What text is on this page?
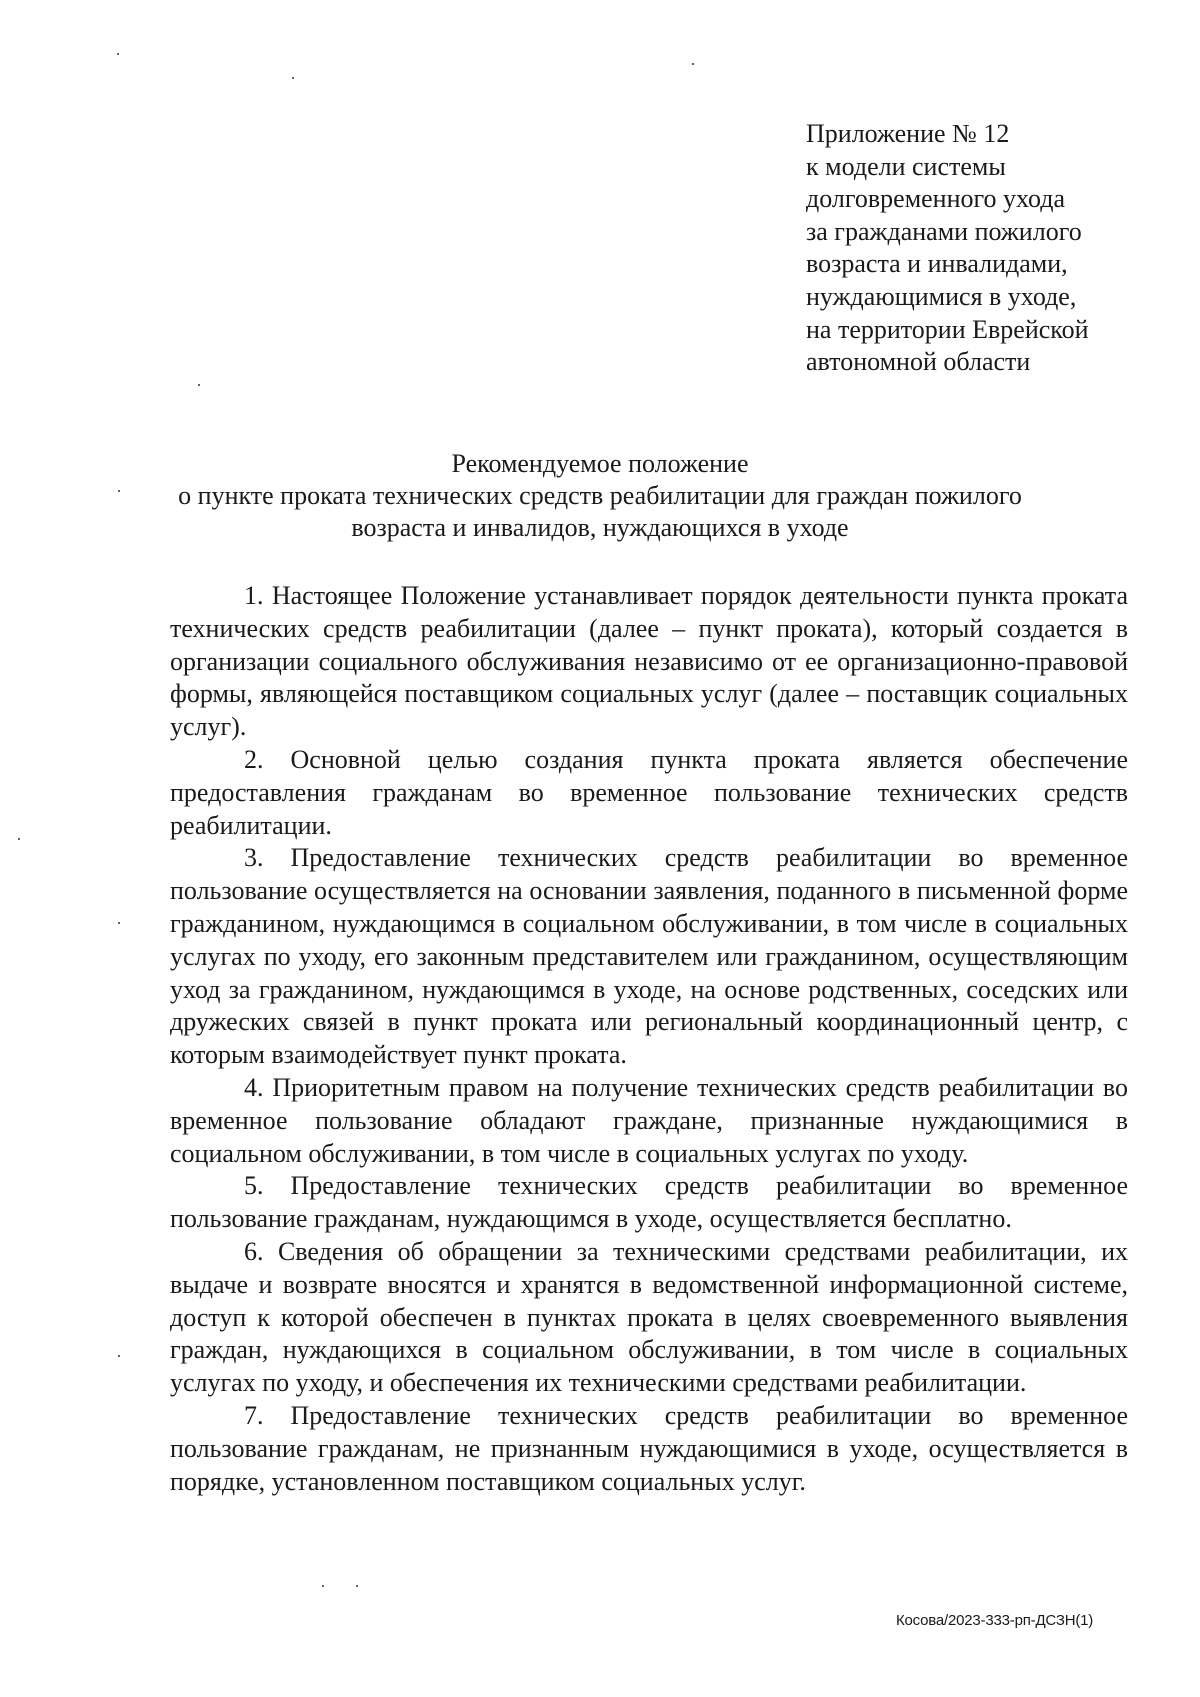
Приложение № 12
к модели системы
долговременного ухода
за гражданами пожилого
возраста и инвалидами,
нуждающимися в уходе,
на территории Еврейской
автономной области
Рекомендуемое положение
о пункте проката технических средств реабилитации для граждан пожилого
возраста и инвалидов, нуждающихся в уходе

1. Настоящее Положение устанавливает порядок деятельности пункта проката технических средств реабилитации (далее – пункт проката), который создается в организации социального обслуживания независимо от ее организационно-правовой формы, являющейся поставщиком социальных услуг (далее – поставщик социальных услуг).

2. Основной целью создания пункта проката является обеспечение предоставления гражданам во временное пользование технических средств реабилитации.

3. Предоставление технических средств реабилитации во временное пользование осуществляется на основании заявления, поданного в письменной форме гражданином, нуждающимся в социальном обслуживании, в том числе в социальных услугах по уходу, его законным представителем или гражданином, осуществляющим уход за гражданином, нуждающимся в уходе, на основе родственных, соседских или дружеских связей в пункт проката или региональный координационный центр, с которым взаимодействует пункт проката.

4. Приоритетным правом на получение технических средств реабилитации во временное пользование обладают граждане, признанные нуждающимися в социальном обслуживании, в том числе в социальных услугах по уходу.

5. Предоставление технических средств реабилитации во временное пользование гражданам, нуждающимся в уходе, осуществляется бесплатно.

6. Сведения об обращении за техническими средствами реабилитации, их выдаче и возврате вносятся и хранятся в ведомственной информационной системе, доступ к которой обеспечен в пунктах проката в целях своевременного выявления граждан, нуждающихся в социальном обслуживании, в том числе в социальных услугах по уходу, и обеспечения их техническими средствами реабилитации.

7. Предоставление технических средств реабилитации во временное пользование гражданам, не признанным нуждающимися в уходе, осуществляется в порядке, установленном поставщиком социальных услуг.

Косова/2023-333-рп-ДСЗН(1)
